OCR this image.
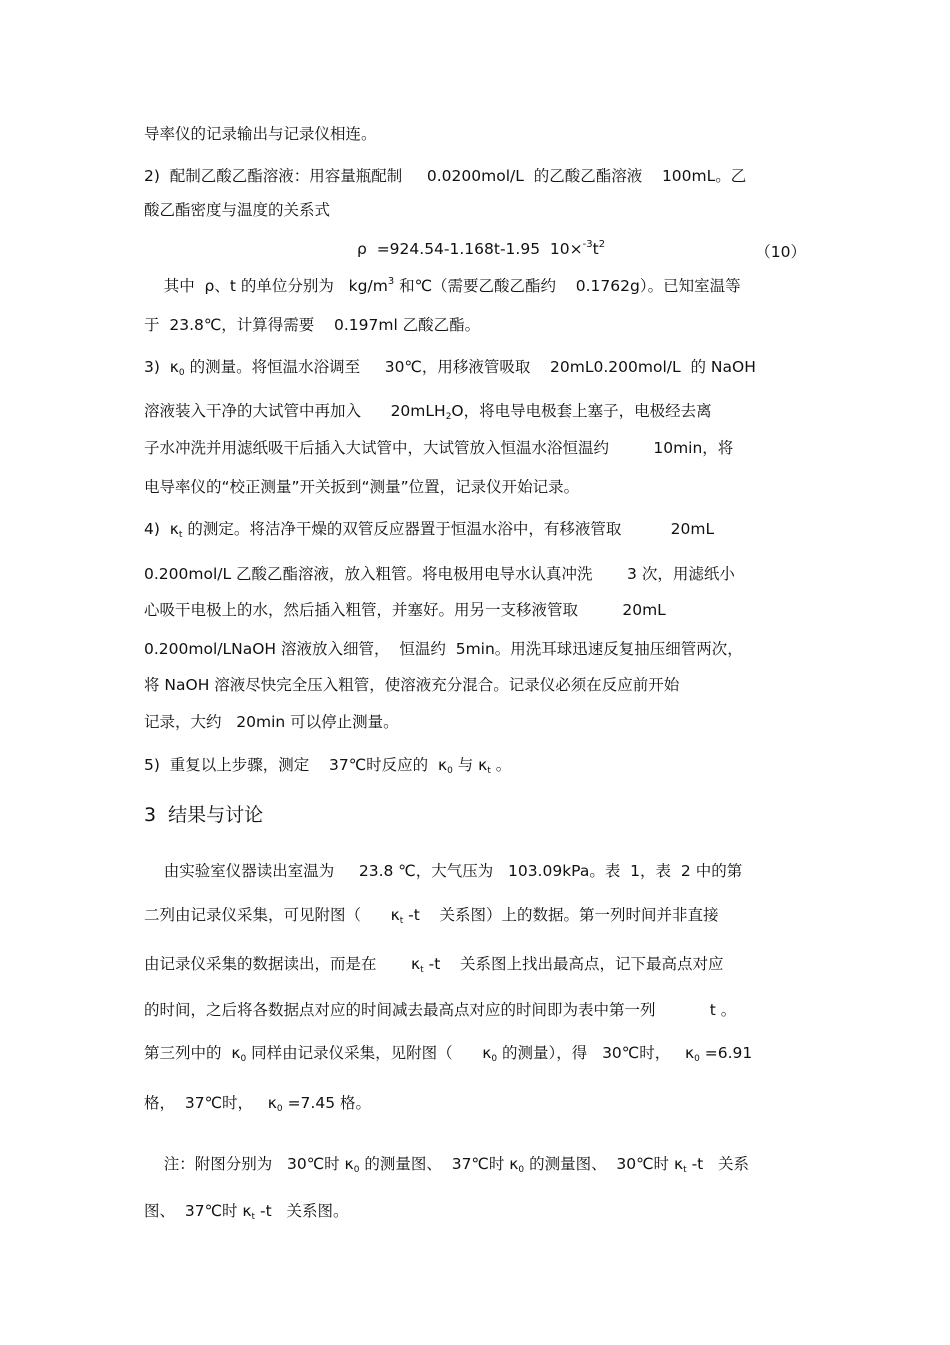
导率仪的记录输出与记录仪相连。
2)  配制乙酸乙酯溶液：用容量瓶配制     0.0200mol/L  的乙酸乙酯溶液    100mL。乙
酸乙酯密度与温度的关系式
ρ  =924.54-1.168t-1.95  $10\times^{-3}t^2$	（10）
其中  ρ、t 的单位分别为   $kg/m^3$ 和℃（需要乙酸乙酯约    0.1762g）。已知室温等
于  23.8℃，计算得需要    0.197ml 乙酸乙酯。
3)  $\kappa_0$ 的测量。将恒温水浴调至     30℃，用移液管吸取    20mL0.200mol/L  的 NaOH
溶液装入干净的大试管中再加入      20mLH$_2$O，将电导电极套上塞子，电极经去离
子水冲洗并用滤纸吸干后插入大试管中，大试管放入恒温水浴恒温约         10min，将
电导率仪的“校正测量”开关扳到“测量”位置，记录仪开始记录。
4)  $\kappa_t$ 的测定。将洁净干燥的双管反应器置于恒温水浴中，有移液管取          20mL
0.200mol/L 乙酸乙酯溶液，放入粗管。将电极用电导水认真冲洗       3 次，用滤纸小
心吸干电极上的水，然后插入粗管，并塞好。用另一支移液管取         20mL
0.200mol/LNaOH 溶液放入细管，  恒温约  5min。用洗耳球迅速反复抽压细管两次，
将 NaOH 溶液尽快完全压入粗管，使溶液充分混合。记录仪必须在反应前开始
记录，大约   20min 可以停止测量。
5)  重复以上步骤，测定    37℃时反应的  $\kappa_0$ 与 $\kappa_t$ 。
3  结果与讨论
由实验室仪器读出室温为     23.8 ℃，大气压为   103.09kPa。表  1，表  2 中的第
二列由记录仪采集，可见附图（      $\kappa_t$ -t    关系图）上的数据。第一列时间并非直接
由记录仪采集的数据读出，而是在       $\kappa_t$ -t    关系图上找出最高点，记下最高点对应
的时间，之后将各数据点对应的时间减去最高点对应的时间即为表中第一列           t 。
第三列中的  $\kappa_0$ 同样由记录仪采集，见附图（      $\kappa_0$ 的测量），得   30℃时，   $\kappa_0 =6.91$
格，  37℃时，   $\kappa_0 =7.45$ 格。
注：附图分别为   30℃时 $\kappa_0$ 的测量图、  37℃时 $\kappa_0$ 的测量图、  30℃时 $\kappa_t$ -t   关系
图、  37℃时 $\kappa_t$ -t   关系图。
